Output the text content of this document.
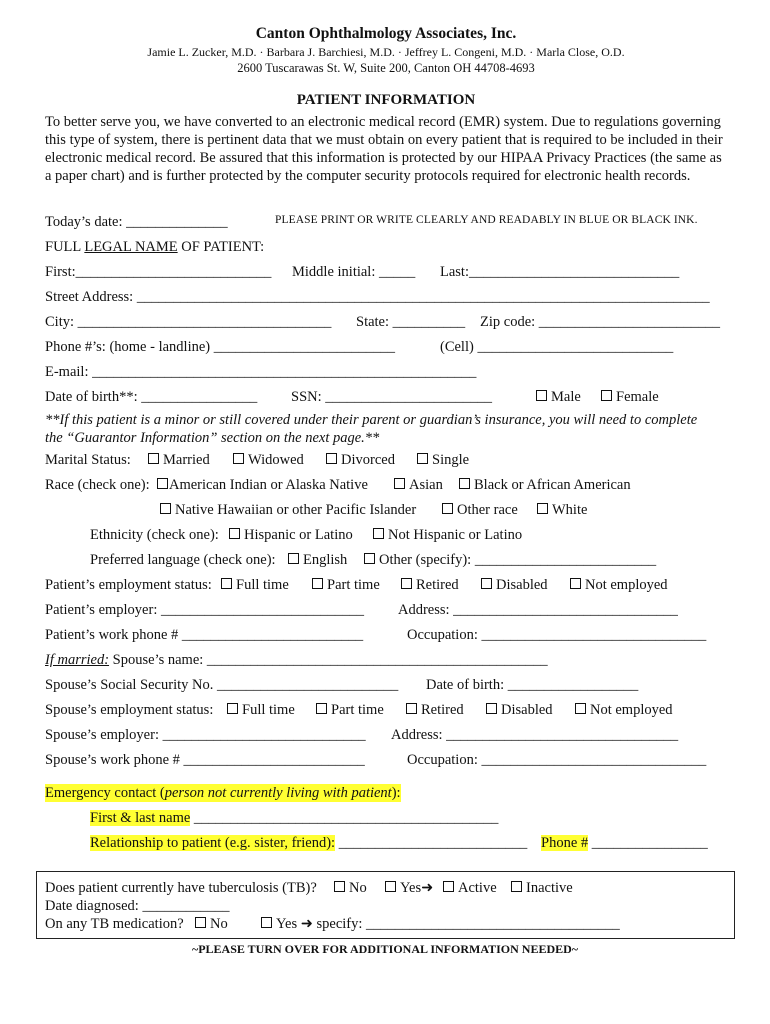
Canton Ophthalmology Associates, Inc.
Jamie L. Zucker, M.D. · Barbara J. Barchiesi, M.D. · Jeffrey L. Congeni, M.D. · Marla Close, O.D.
2600 Tuscarawas St. W, Suite 200, Canton OH 44708-4693
PATIENT INFORMATION
To better serve you, we have converted to an electronic medical record (EMR) system. Due to regulations governing this type of system, there is pertinent data that we must obtain on every patient that is required to be included in their electronic medical record. Be assured that this information is protected by our HIPAA Privacy Practices (the same as a paper chart) and is further protected by the computer security protocols required for electronic health records.
Today’s date: ______________	PLEASE PRINT OR WRITE CLEARLY AND READABLY IN BLUE OR BLACK INK.
FULL LEGAL NAME OF PATIENT:
First:___________________________ Middle initial: _____ Last:_____________________________
Street Address: _______________________________________________________________________________
City: ___________________________________ State: __________ Zip code: _________________________
Phone #’s: (home - landline) _________________________	(Cell) ___________________________
E-mail: _____________________________________________________
Date of birth**: ________________ SSN: _______________________	Male	Female
**If this patient is a minor or still covered under their parent or guardian’s insurance, you will need to complete
the “Guarantor Information” section on the next page.**
Marital Status:	Married	Widowed	Divorced	Single
Race (check one):	American Indian or Alaska Native	Asian	Black or African American
Native Hawaiian or other Pacific Islander	Other race	White
Ethnicity (check one):	Hispanic or Latino	Not Hispanic or Latino
Preferred language (check one):	English	Other (specify): _________________________
Patient’s employment status:	Full time	Part time	Retired	Disabled	Not employed
Patient’s employer: ____________________________ Address: _______________________________
Patient’s work phone # _________________________	Occupation: _______________________________
If married: Spouse’s name: _______________________________________________
Spouse’s Social Security No. _________________________ Date of birth: __________________
Spouse’s employment status:	Full time	Part time	Retired	Disabled	Not employed
Spouse’s employer: ____________________________ Address: ________________________________
Spouse’s work phone # _________________________	Occupation: _______________________________
Emergency contact (person not currently living with patient):
First & last name __________________________________________
Relationship to patient (e.g. sister, friend): __________________________ Phone # ________________
Does patient currently have tuberculosis (TB)?	No	Yes➜	Active	Inactive
Date diagnosed: ____________
On any TB medication?	No	Yes ➜ specify: ___________________________________
~PLEASE TURN OVER FOR ADDITIONAL INFORMATION NEEDED~
